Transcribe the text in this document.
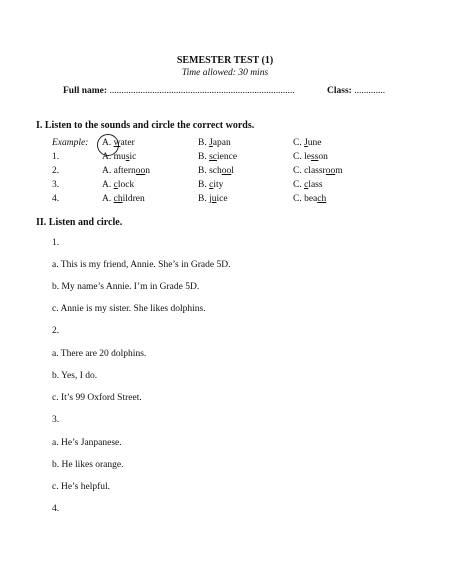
SEMESTER TEST (1)
Time allowed: 30 mins
Full name: ..............................................................................	Class: .............
I. Listen to the sounds and circle the correct words.
Example: A. water	B. Japan	C. June
1.	A. music	B. science	C. lesson
2.	A. afternoon	B. school	C. classroom
3.	A. clock	B. city	C. class
4.	A. children	B. juice	C. beach
II. Listen and circle.
1.
a. This is my friend, Annie. She’s in Grade 5D.
b. My name’s Annie. I’m in Grade 5D.
c. Annie is my sister. She likes dolphins.
2.
a. There are 20 dolphins.
b. Yes, I do.
c. It’s 99 Oxford Street.
3.
a. He’s Janpanese.
b. He likes orange.
c. He’s helpful.
4.
